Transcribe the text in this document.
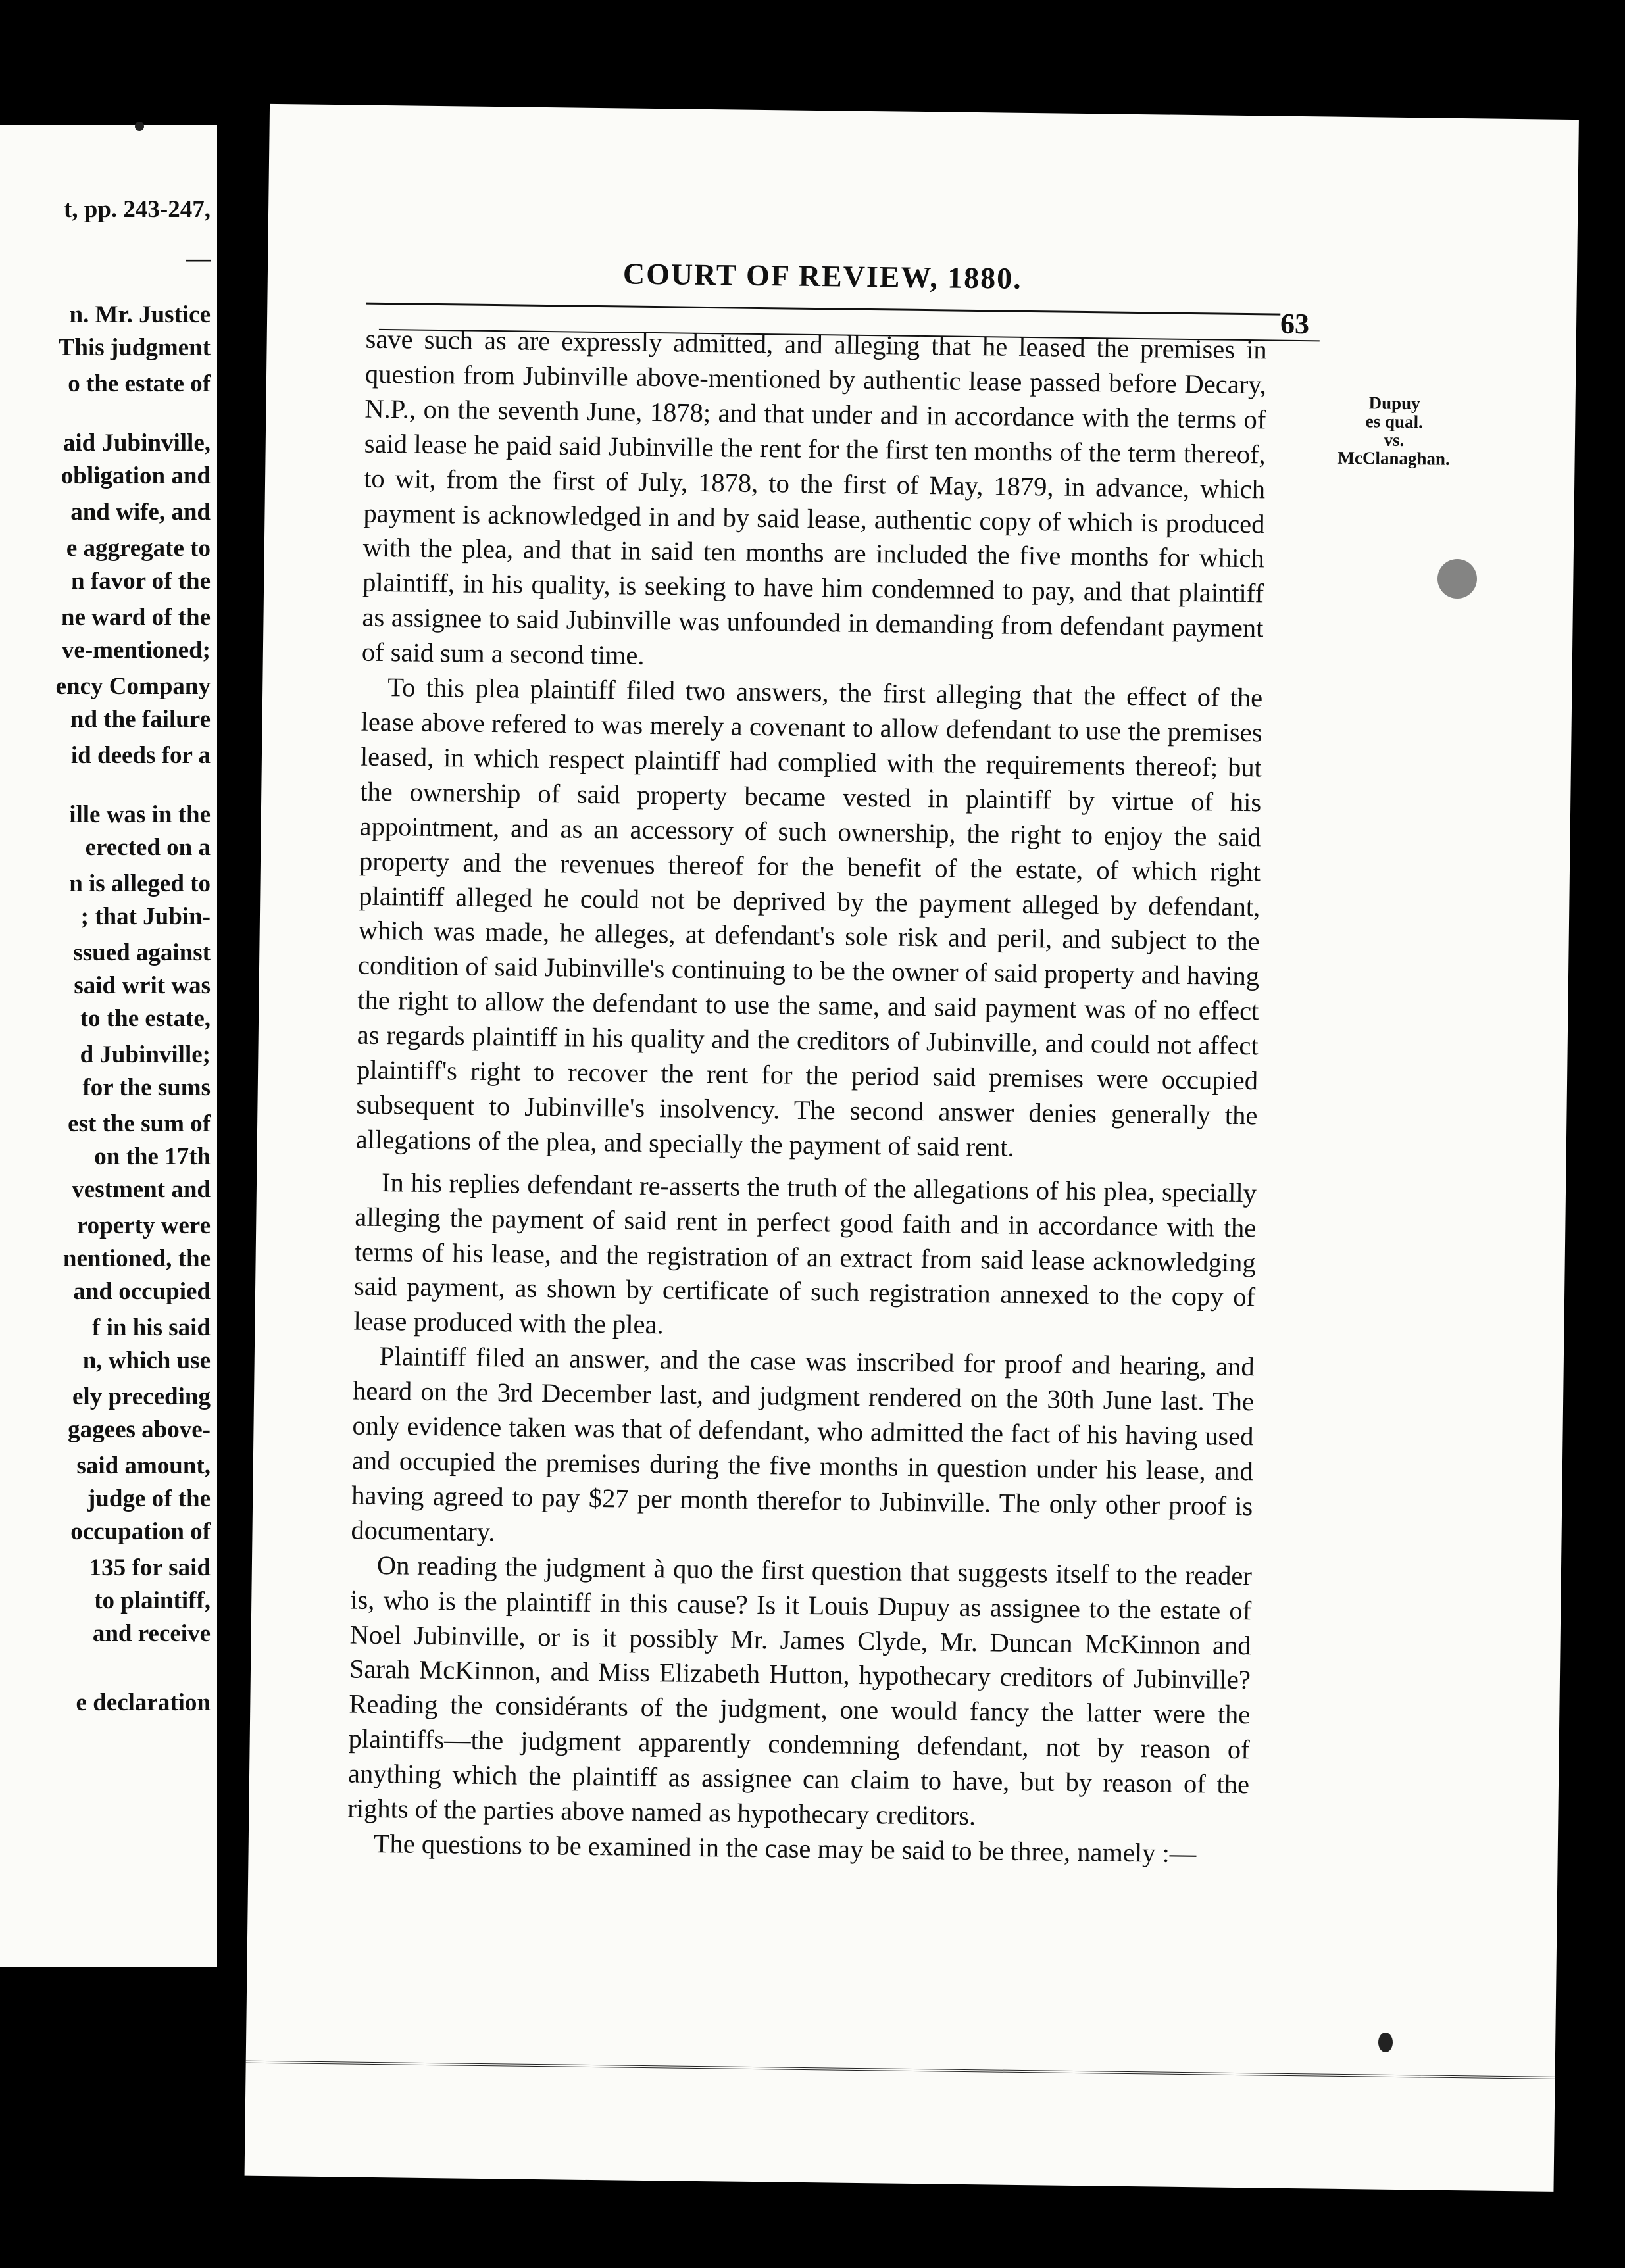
t, pp. 243-247,
—
n. Mr. Justice
This judgment
o the estate of
aid Jubinville,
obligation and
and wife, and
e aggregate to
n favor of the
ne ward of the
ve-mentioned;
ency Company
nd the failure
id deeds for a
ille was in the
erected on a
n is alleged to
; that Jubin-
ssued against
said writ was
to the estate,
d Jubinville;
for the sums
est the sum of
on the 17th
vestment and
roperty were
nentioned, the
and occupied
f in his said
n, which use
ely preceding
gagees above-
said amount,
judge of the
occupation of
135 for said
to plaintiff,
and receive
e declaration
COURT OF REVIEW, 1880.
63
Dupuy
es qual.
vs.
McClanaghan.

save such as are expressly admitted, and alleging that he leased the premises in question from Jubinville above-mentioned by authentic lease passed before Decary, N.P., on the seventh June, 1878; and that under and in accordance with the terms of said lease he paid said Jubinville the rent for the first ten months of the term thereof, to wit, from the first of July, 1878, to the first of May, 1879, in advance, which payment is acknowledged in and by said lease, authentic copy of which is produced with the plea, and that in said ten months are included the five months for which plaintiff, in his quality, is seeking to have him condemned to pay, and that plaintiff as assignee to said Jubinville was unfounded in demanding from defendant payment of said sum a second time.

To this plea plaintiff filed two answers, the first alleging that the effect of the lease above refered to was merely a covenant to allow defendant to use the premises leased, in which respect plaintiff had complied with the requirements thereof; but the ownership of said property became vested in plaintiff by virtue of his appointment, and as an accessory of such ownership, the right to enjoy the said property and the revenues thereof for the benefit of the estate, of which right plaintiff alleged he could not be deprived by the payment alleged by defendant, which was made, he alleges, at defendant's sole risk and peril, and subject to the condition of said Jubinville's continuing to be the owner of said property and having the right to allow the defendant to use the same, and said payment was of no effect as regards plaintiff in his quality and the creditors of Jubinville, and could not affect plaintiff's right to recover the rent for the period said premises were occupied subsequent to Jubinville's insolvency. The second answer denies generally the allegations of the plea, and specially the payment of said rent.

In his replies defendant re-asserts the truth of the allegations of his plea, specially alleging the payment of said rent in perfect good faith and in accordance with the terms of his lease, and the registration of an extract from said lease acknowledging said payment, as shown by certificate of such registration annexed to the copy of lease produced with the plea.

Plaintiff filed an answer, and the case was inscribed for proof and hearing, and heard on the 3rd December last, and judgment rendered on the 30th June last. The only evidence taken was that of defendant, who admitted the fact of his having used and occupied the premises during the five months in question under his lease, and having agreed to pay $27 per month therefor to Jubinville. The only other proof is documentary.

On reading the judgment à quo the first question that suggests itself to the reader is, who is the plaintiff in this cause? Is it Louis Dupuy as assignee to the estate of Noel Jubinville, or is it possibly Mr. James Clyde, Mr. Duncan McKinnon and Sarah McKinnon, and Miss Elizabeth Hutton, hypothecary creditors of Jubinville? Reading the considérants of the judgment, one would fancy the latter were the plaintiffs—the judgment apparently condemning defendant, not by reason of anything which the plaintiff as assignee can claim to have, but by reason of the rights of the parties above named as hypothecary creditors.

The questions to be examined in the case may be said to be three, namely :—
